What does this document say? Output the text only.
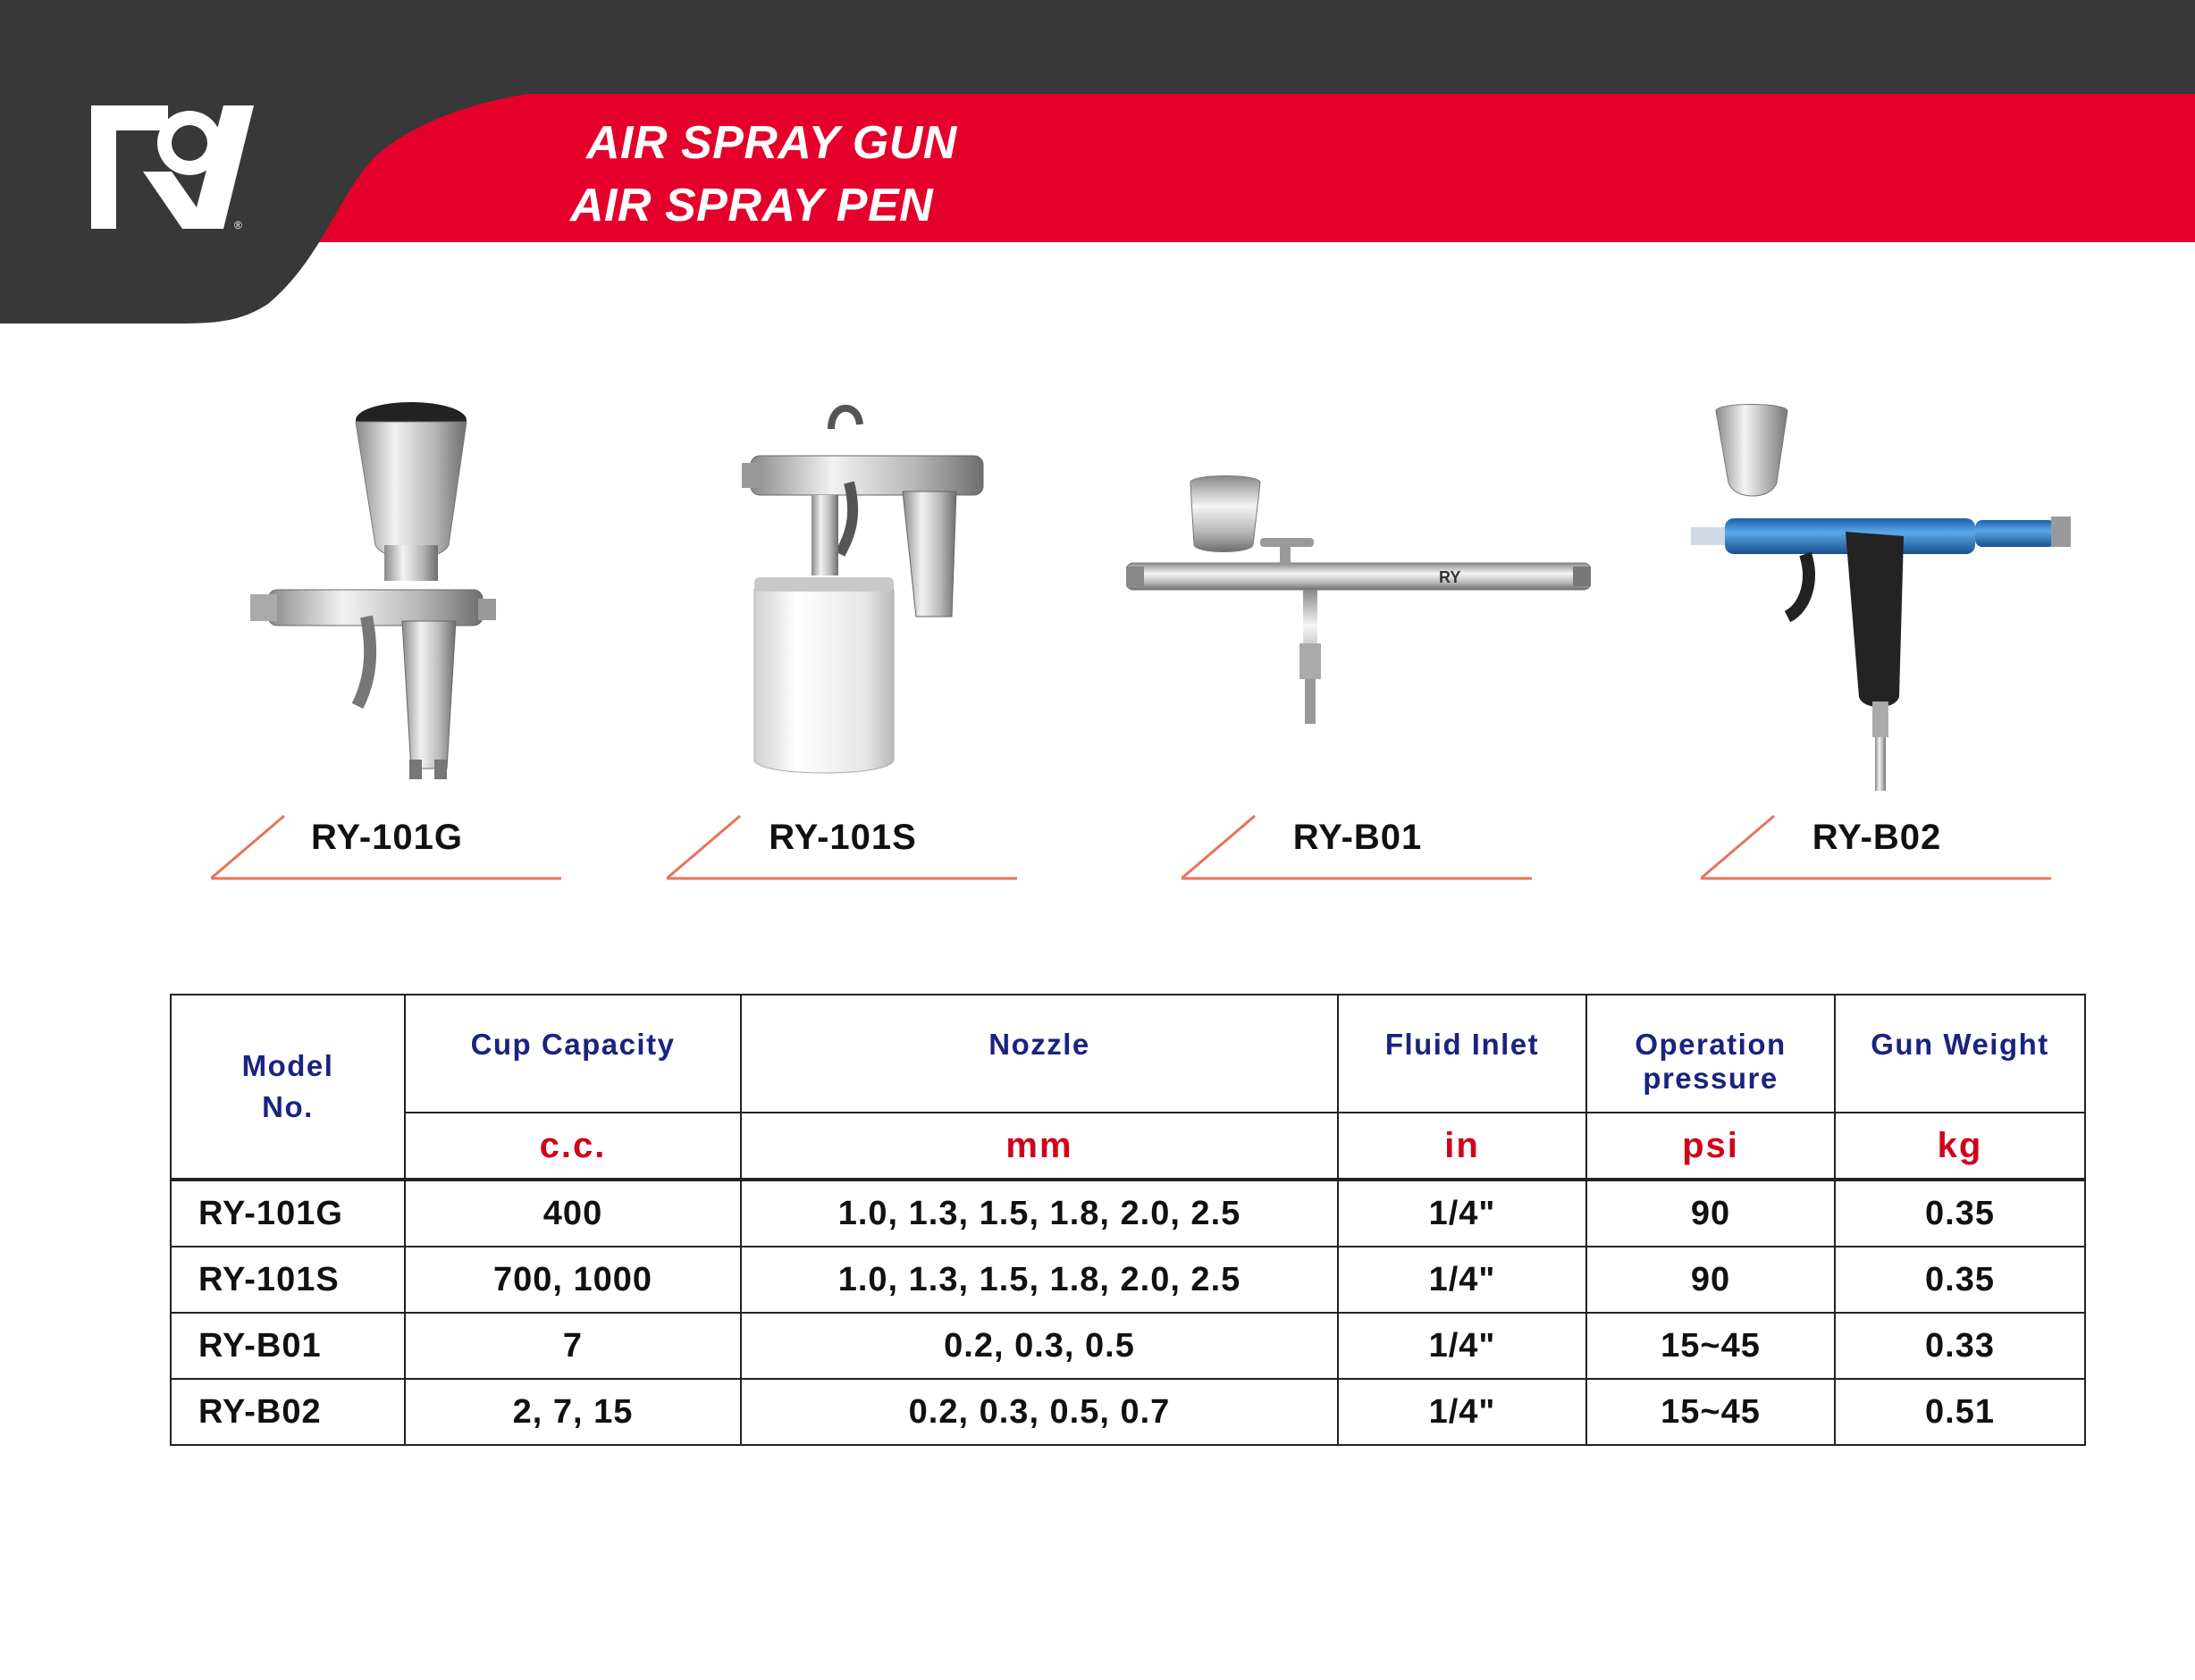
®
AIR SPRAY GUN
AIR SPRAY PEN
RY-101G	RY-101S
RY
RY-B01	RY-B02
Model
No.	Cup Capacity	Nozzle	Fluid Inlet	Operation pressure	Gun Weight
	c.c.	mm	in	psi	kg
RY-101G	400	1.0, 1.3, 1.5, 1.8, 2.0, 2.5	1/4"	90	0.35
RY-101S	700, 1000	1.0, 1.3, 1.5, 1.8, 2.0, 2.5	1/4"	90	0.35
RY-B01	7	0.2, 0.3, 0.5	1/4"	15~45	0.33
RY-B02	2, 7, 15	0.2, 0.3, 0.5, 0.7	1/4"	15~45	0.51
